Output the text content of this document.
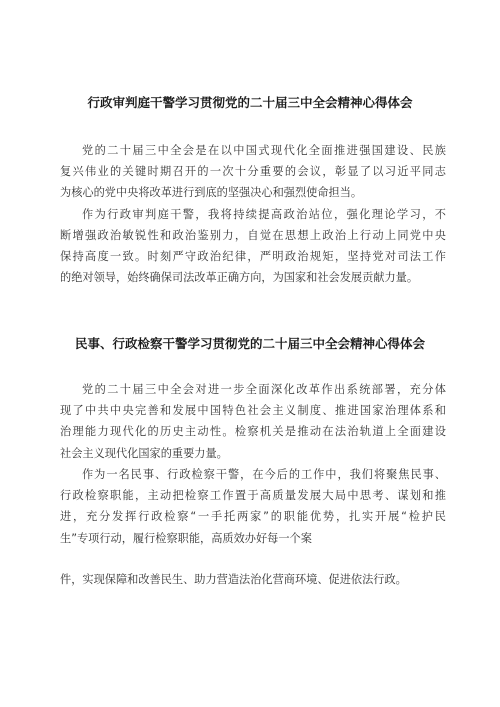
行政审判庭干警学习贯彻党的二十届三中全会精神心得体会
党的二十届三中全会是在以中国式现代化全面推进强国建设、民族
复兴伟业的关键时期召开的一次十分重要的会议，彰显了以习近平同志
为核心的党中央将改革进行到底的坚强决心和强烈使命担当。
作为行政审判庭干警，我将持续提高政治站位，强化理论学习，不
断增强政治敏锐性和政治鉴别力，自觉在思想上政治上行动上同党中央
保持高度一致。时刻严守政治纪律，严明政治规矩，坚持党对司法工作
的绝对领导，始终确保司法改革正确方向，为国家和社会发展贡献力量。
民事、行政检察干警学习贯彻党的二十届三中全会精神心得体会
党的二十届三中全会对进一步全面深化改革作出系统部署，充分体
现了中共中央完善和发展中国特色社会主义制度、推进国家治理体系和
治理能力现代化的历史主动性。检察机关是推动在法治轨道上全面建设
社会主义现代化国家的重要力量。
作为一名民事、行政检察干警，在今后的工作中，我们将聚焦民事、
行政检察职能，主动把检察工作置于高质量发展大局中思考、谋划和推
进，充分发挥行政检察“一手托两家”的职能优势，扎实开展“检护民
生”专项行动，履行检察职能，高质效办好每一个案
件，实现保障和改善民生、助力营造法治化营商环境、促进依法行政。
